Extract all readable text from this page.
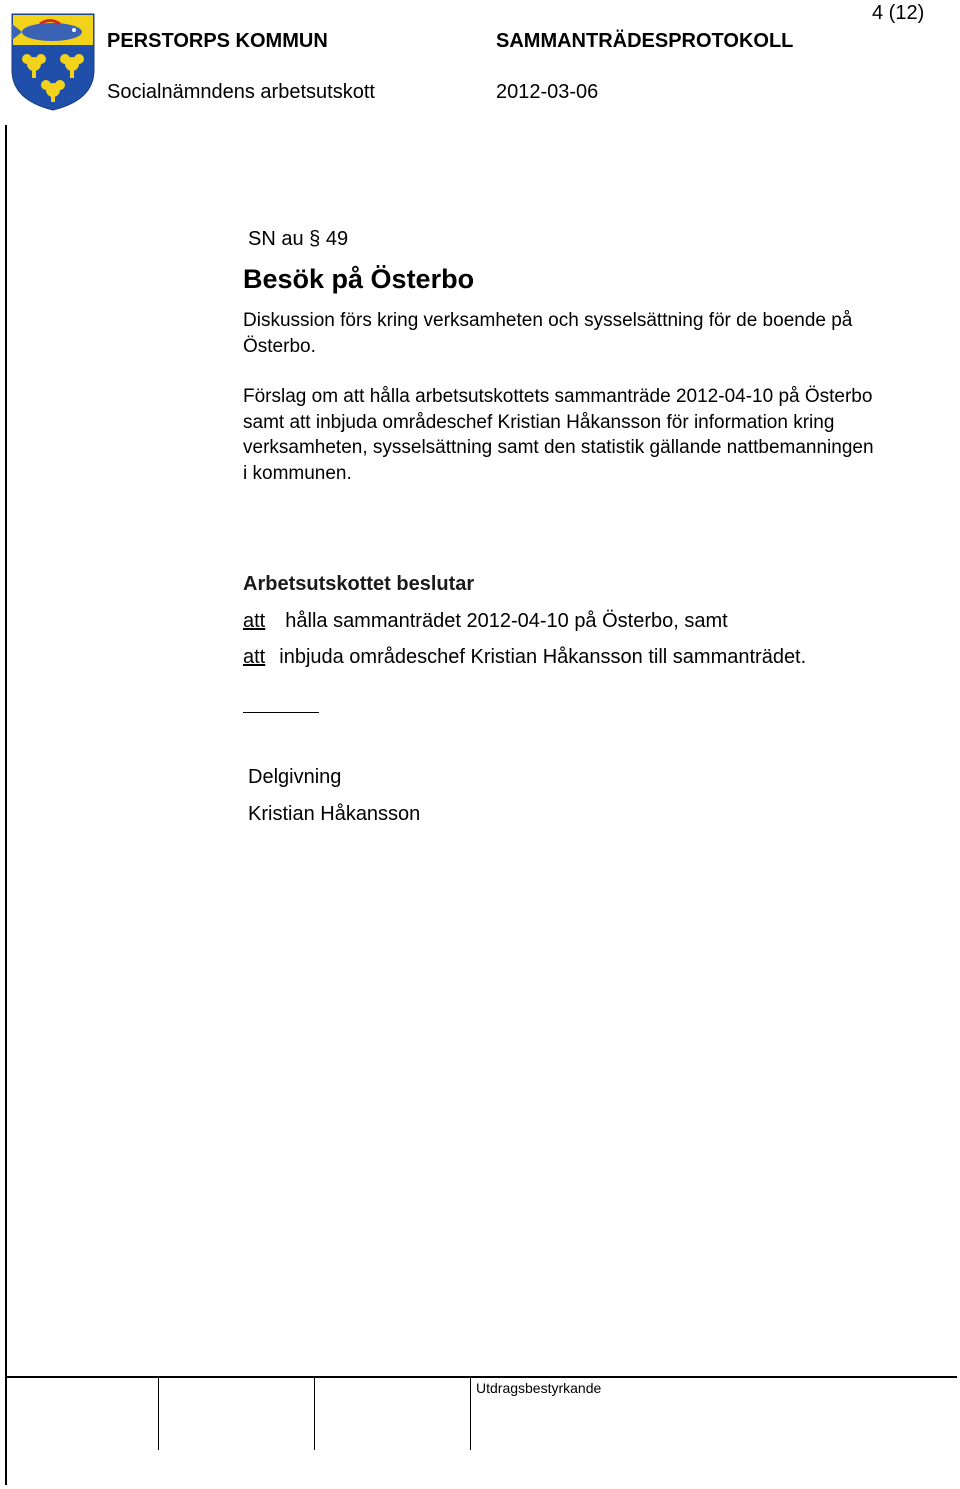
PERSTORPS KOMMUN	SAMMANTRÄDESPROTOKOLL
Socialnämndens arbetsutskott	2012-03-06
4 (12)
SN au § 49
Besök på Österbo
Diskussion förs kring verksamheten och sysselsättning för de boende på Österbo.
Förslag om att hålla arbetsutskottets sammanträde 2012-04-10 på Österbo samt att inbjuda områdeschef Kristian Håkansson för information kring verksamheten, sysselsättning samt den statistik gällande nattbemanningen i kommunen.
Arbetsutskottet beslutar
att hålla sammanträdet 2012-04-10 på Österbo, samt
att inbjuda områdeschef Kristian Håkansson till sammanträdet.
Delgivning
Kristian Håkansson
Utdragsbestyrkande
